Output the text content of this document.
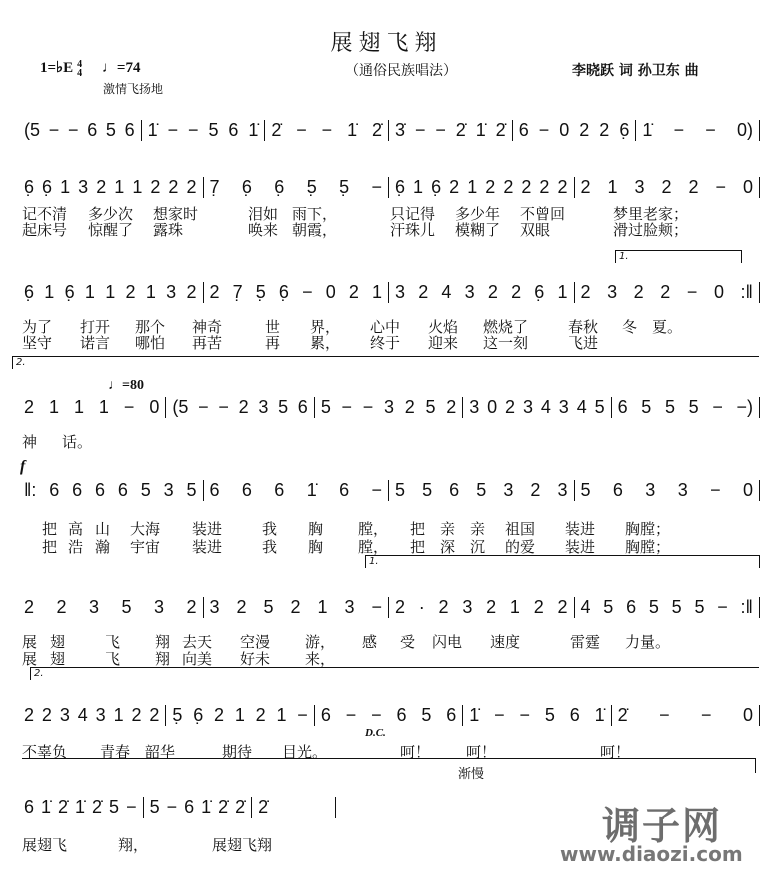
展翅飞翔
1=♭E 4
4 ♩=74	（通俗民族唱法）	李晓跃 词 孙卫东 曲
激情飞扬地
1.
2.
1.
2.
♩=80
f
D.C.
渐慢
(5 − − 6 5 6 1̇ − − 5 6 1̇ 2̇ − − 1̇ 2̇ 3̇ − − 2̇ 1̇ 2̇ 6 − 0 2 2 6̣ 1̇ − − 0)
6̣ 6̣ 1 3 2 1 1 2 2 2 7̣ 6̣ 6̣ 5̣ 5̣ − 6̣ 1 6̣ 2 1 2 2 2 2 2 2 1 3 2 2 − 0
记不清 多少次 想家时	泪如 雨下，	只记得 多少年 不曾回	梦里老家；
起床号 惊醒了 露珠	唤来 朝霞，	汗珠儿 模糊了 双眼	滑过脸颊；
6̣ 1 6̣ 1 1 2 1 3 2 2 7̣ 5̣ 6̣ − 0 2 1 3 2 4 3 2 2 6̣ 1 2 3 2 2 − 0 :‖
为了 打开 那个 神奇	世 界， 心中 火焰 燃烧了	春秋 冬 夏。
坚守 诺言 哪怕 再苦	再 累， 终于 迎来 这一刻	飞进
2 1 1 1 − 0 (5 − − 2 3 5 6 5 − − 3 2 5 2 3 0 2 3 4 3 4 5 6 5 5 5 − −)
神 话。
‖: 6 6 6 6 5 3 5 6 6 6 1̇ 6 − 5 5 6 5 3 2 3 5 6 3 3 − 0
把 高 山 大海 装进	我 胸 膛， 把 亲 亲 祖国 装进 胸膛；
把 浩 瀚 宇宙 装进	我 胸 膛， 把 深 沉 的爱 装进 胸膛；
2 2 3 5 3 2 3 2 5 2 1 3 − 2 · 2 3 2 1 2 2 4 5 6 5 5 5 − :‖
展 翅	飞 翔 去天 空漫 游， 感 受 闪电 速度	雷霆 力量。
展 翅	飞 翔 向美 好未 来，
2 2 3 4 3 1 2 2 5̣ 6̣ 2 1 2 1 − 6 − − 6 5 6 1̇ − − 5 6 1̇ 2̇ − − 0
不辜负 青春 韶华	期待 目光。	呵！ 呵！	呵！
6 1̇ 2̇ 1̇ 2̇ 5 − 5 − 6 1̇ 2̇ 2̇ 2̇
展翅飞	翔，	展翅飞翔	调子网
www.diaozi.com
